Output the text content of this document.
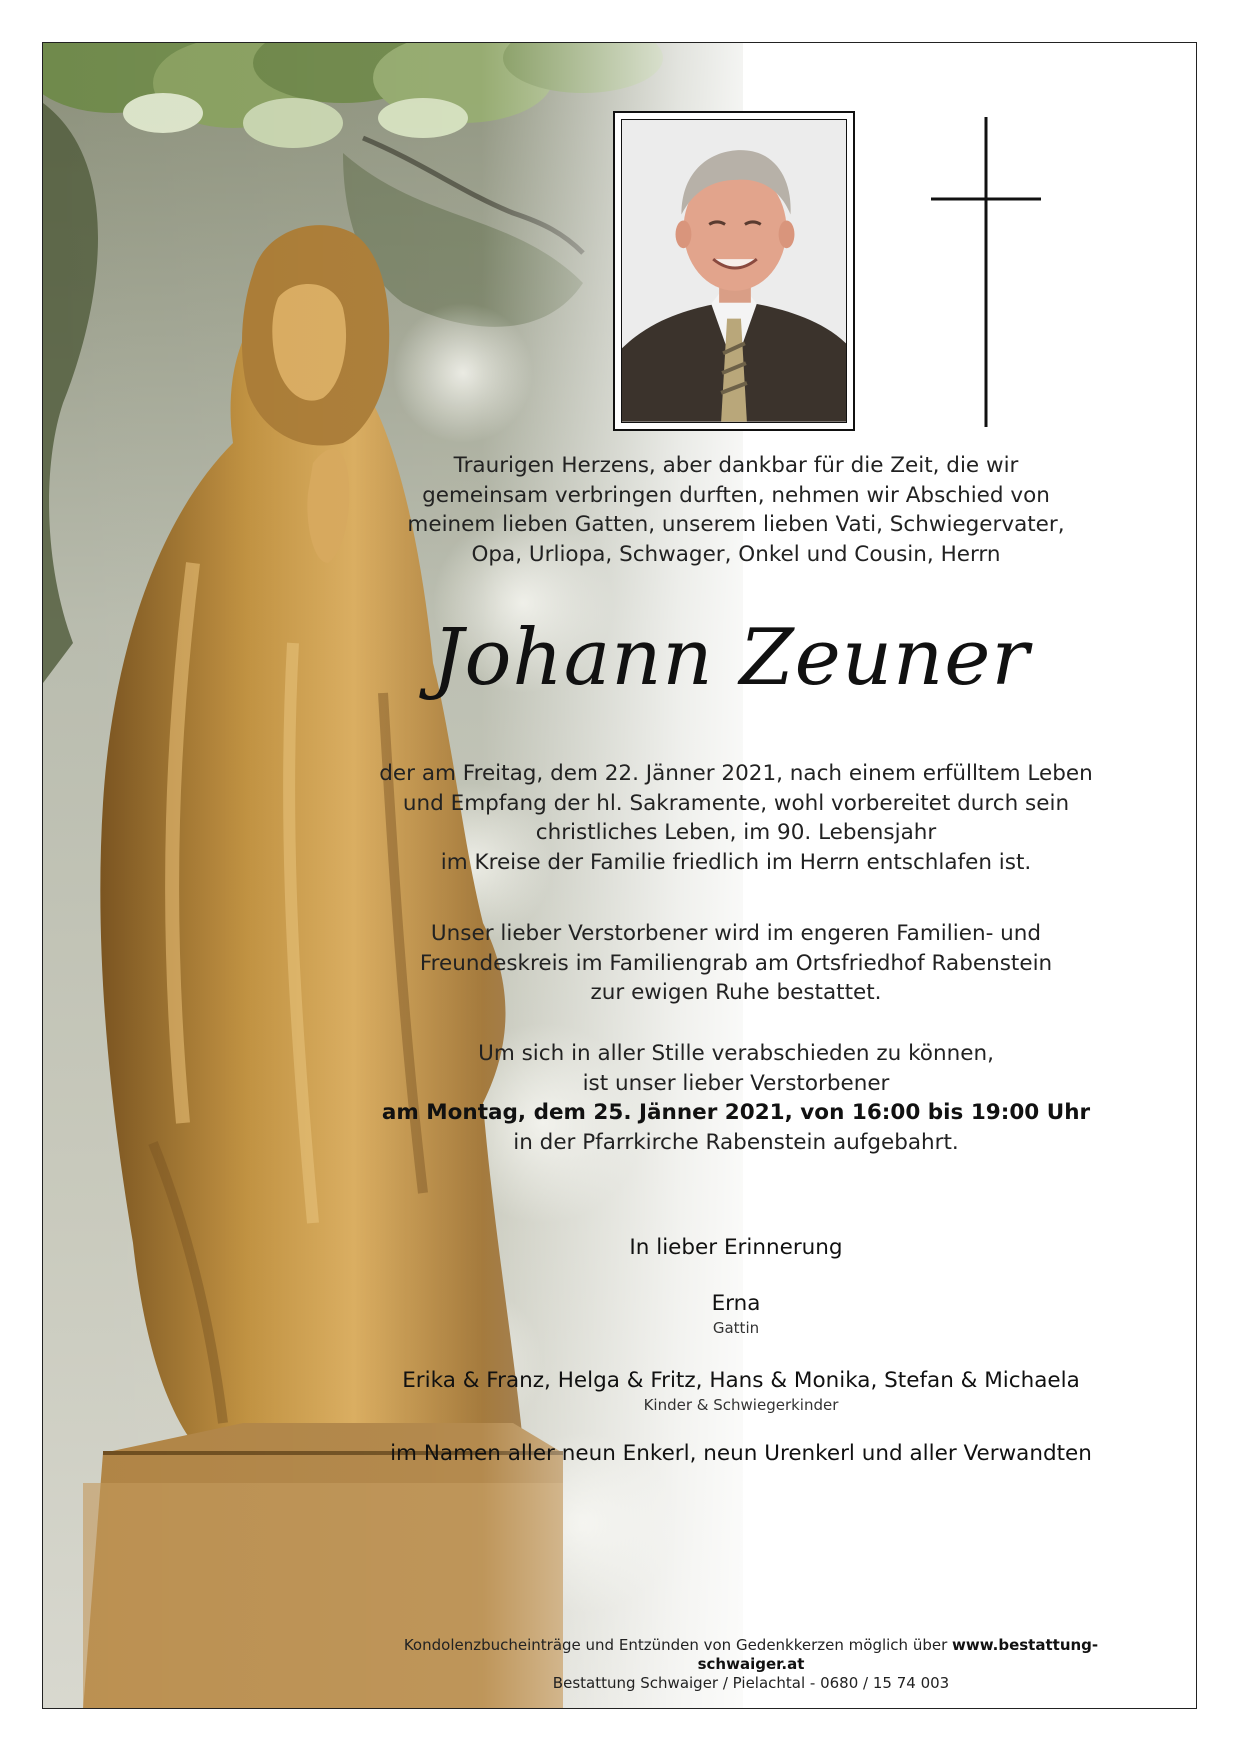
Traurigen Herzens, aber dankbar für die Zeit, die wir
gemeinsam verbringen durften, nehmen wir Abschied von
meinem lieben Gatten, unserem lieben Vati, Schwiegervater,
Opa, Urliopa, Schwager, Onkel und Cousin, Herrn
Johann Zeuner
der am Freitag, dem 22. Jänner 2021, nach einem erfülltem Leben
und Empfang der hl. Sakramente, wohl vorbereitet durch sein
christliches Leben, im 90. Lebensjahr
im Kreise der Familie friedlich im Herrn entschlafen ist.
Unser lieber Verstorbener wird im engeren Familien- und
Freundeskreis im Familiengrab am Ortsfriedhof Rabenstein
zur ewigen Ruhe bestattet.
Um sich in aller Stille verabschieden zu können,
ist unser lieber Verstorbener
am Montag, dem 25. Jänner 2021, von 16:00 bis 19:00 Uhr
in der Pfarrkirche Rabenstein aufgebahrt.
In lieber Erinnerung
Erna
Gattin
Erika & Franz, Helga & Fritz, Hans & Monika, Stefan & Michaela
Kinder & Schwiegerkinder
im Namen aller neun Enkerl, neun Urenkerl und aller Verwandten
Kondolenzbucheinträge und Entzünden von Gedenkkerzen möglich über www.bestattung-schwaiger.at
Bestattung Schwaiger / Pielachtal - 0680 / 15 74 003
